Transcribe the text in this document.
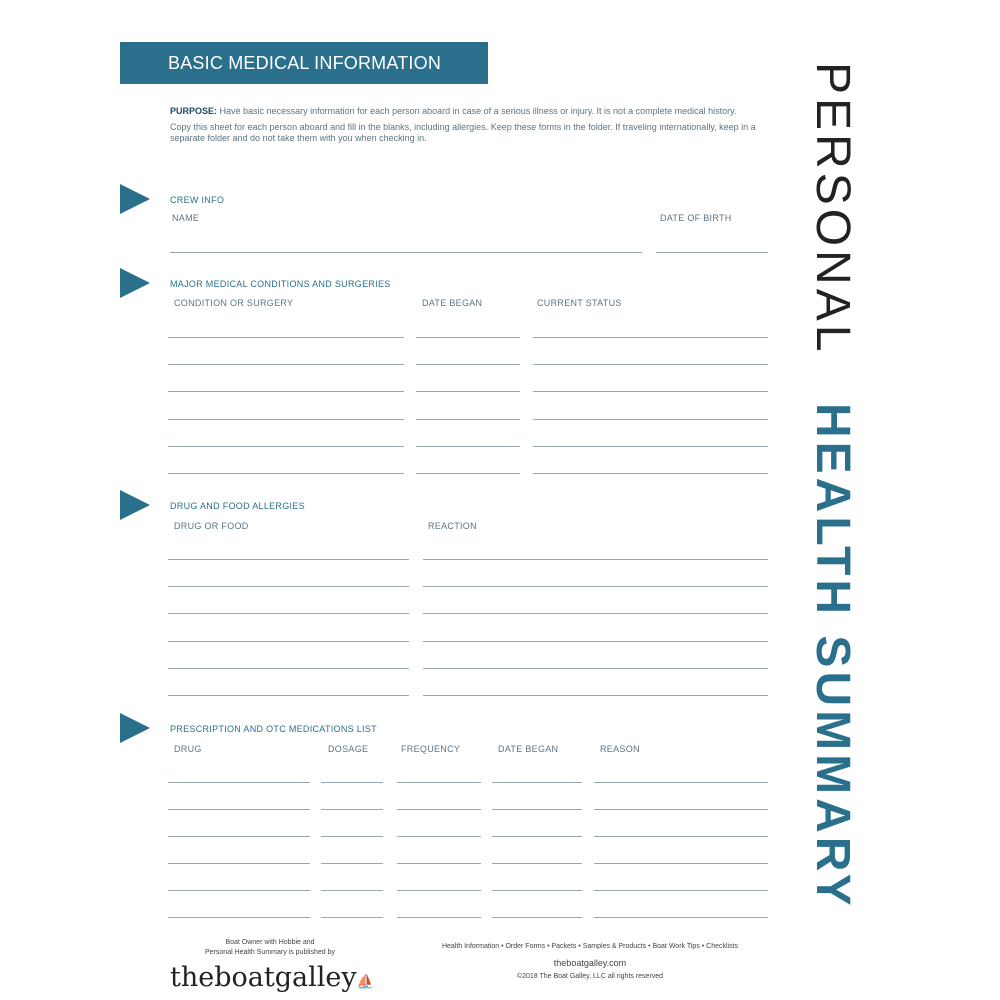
BASIC MEDICAL INFORMATION

PURPOSE: Have basic necessary information for each person aboard in case of a serious illness or injury. It is not a complete medical history.

Copy this sheet for each person aboard and fill in the blanks, including allergies. Keep these forms in the folder. If traveling internationally, keep in a separate folder and do not take them with you when checking in.

CREW INFO
NAME	DATE OF BIRTH
MAJOR MEDICAL CONDITIONS AND SURGERIES
CONDITION OR SURGERY	DATE BEGAN	CURRENT STATUS
DRUG AND FOOD ALLERGIES
DRUG OR FOOD	REACTION
PRESCRIPTION AND OTC MEDICATIONS LIST
DRUG	DOSAGE	FREQUENCY	DATE BEGAN	REASON
PERSONAL HEALTH SUMMARY
Boat Owner with Hobbie and
Personal Health Summary is published by
theboatgalley⛵
Health Information • Order Forms • Packets • Samples & Products • Boat Work Tips • Checklists
theboatgalley.com
©2018 The Boat Galley, LLC all rights reserved
